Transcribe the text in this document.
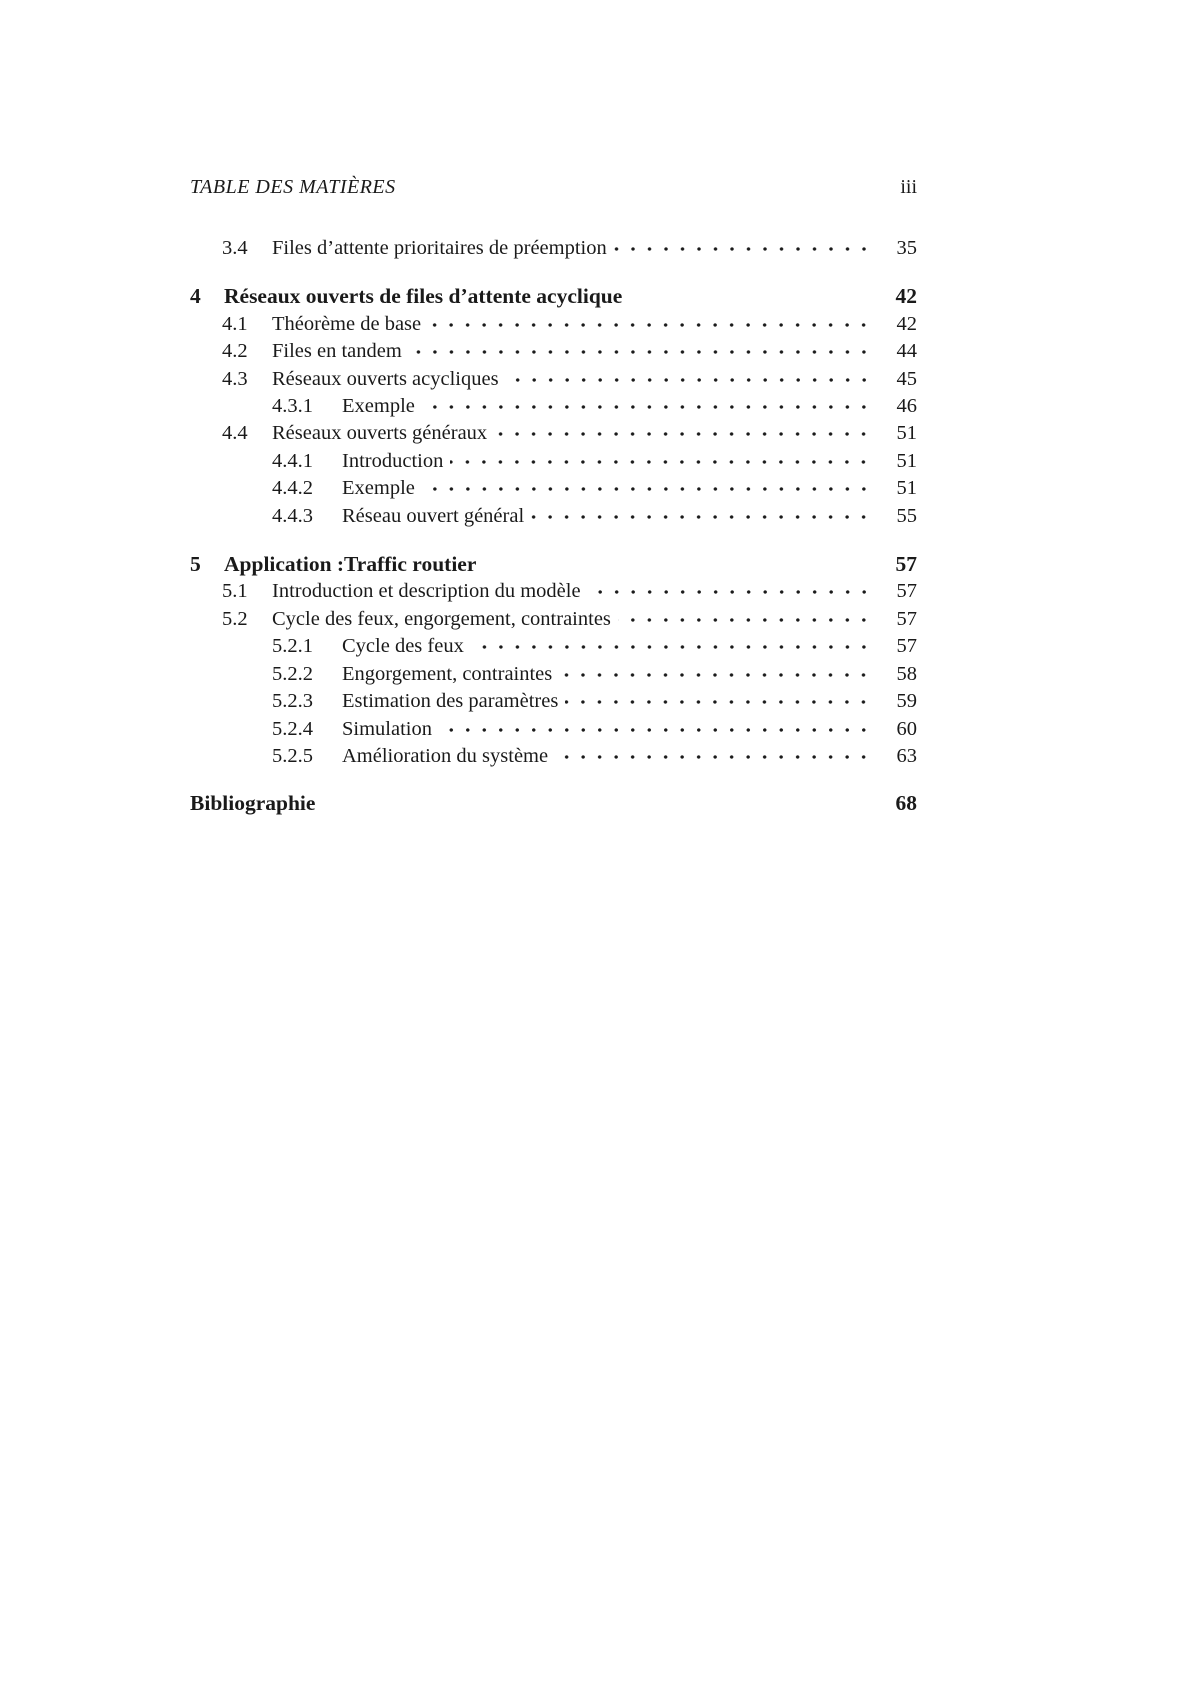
TABLE DES MATIÈRES	iii
3.4	Files d’attente prioritaires de préemption	35
4	Réseaux ouverts de files d’attente acyclique	42
4.1	Théorème de base	42
4.2	Files en tandem	44
4.3	Réseaux ouverts acycliques	45
4.3.1	Exemple	46
4.4	Réseaux ouverts généraux	51
4.4.1	Introduction	51
4.4.2	Exemple	51
4.4.3	Réseau ouvert général	55
5	Application :Traffic routier	57
5.1	Introduction et description du modèle	57
5.2	Cycle des feux, engorgement, contraintes	57
5.2.1	Cycle des feux	57
5.2.2	Engorgement, contraintes	58
5.2.3	Estimation des paramètres	59
5.2.4	Simulation	60
5.2.5	Amélioration du système	63
Bibliographie	68
